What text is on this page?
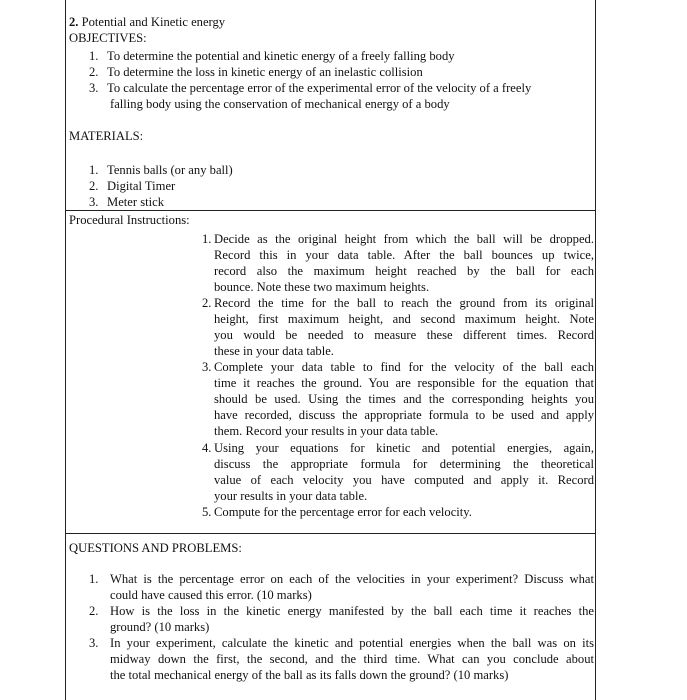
2. Potential and Kinetic energy
OBJECTIVES:
1. To determine the potential and kinetic energy of a freely falling body
2. To determine the loss in kinetic energy of an inelastic collision
3. To calculate the percentage error of the experimental error of the velocity of a freely
falling body using the conservation of mechanical energy of a body
MATERIALS:
1. Tennis balls (or any ball)
2. Digital Timer
3. Meter stick
Procedural Instructions:
1. Decide as the original height from which the ball will be dropped.
Record this in your data table. After the ball bounces up twice,
record also the maximum height reached by the ball for each
bounce. Note these two maximum heights.
2. Record the time for the ball to reach the ground from its original
height, first maximum height, and second maximum height. Note
you would be needed to measure these different times. Record
these in your data table.
3. Complete your data table to find for the velocity of the ball each
time it reaches the ground. You are responsible for the equation that
should be used. Using the times and the corresponding heights you
have recorded, discuss the appropriate formula to be used and apply
them. Record your results in your data table.
4. Using your equations for kinetic and potential energies, again,
discuss the appropriate formula for determining the theoretical
value of each velocity you have computed and apply it. Record
your results in your data table.
5. Compute for the percentage error for each velocity.
QUESTIONS AND PROBLEMS:
1. What is the percentage error on each of the velocities in your experiment? Discuss what
could have caused this error. (10 marks)
2. How is the loss in the kinetic energy manifested by the ball each time it reaches the
ground? (10 marks)
3. In your experiment, calculate the kinetic and potential energies when the ball was on its
midway down the first, the second, and the third time. What can you conclude about
the total mechanical energy of the ball as its falls down the ground? (10 marks)
